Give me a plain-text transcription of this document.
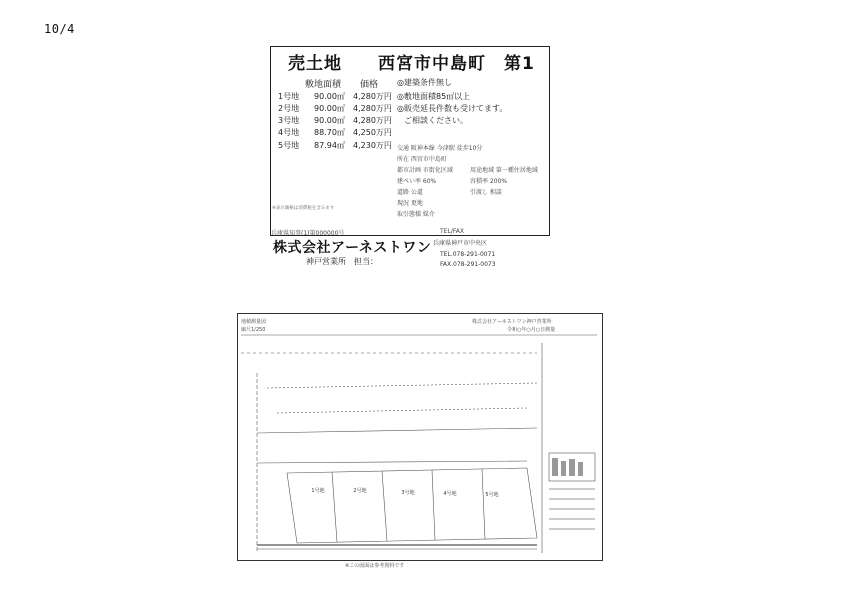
10/4
売土地 西宮市中島町　第1
敷地面積 価格
1号地 90.00㎡ 4,280万円
2号地 90.00㎡ 4,280万円
3号地 90.00㎡ 4,280万円
4号地 88.70㎡ 4,250万円
5号地 87.94㎡ 4,230万円
◎建築条件無し
◎敷地面積85㎡以上
◎販売延長件数も受けてます。
ご相談ください。
交通 阪神本線 今津駅 徒歩10分
所在 西宮市中島町
都市計画 市街化区域	用途地域 第一種住居地域
建ぺい率 60%	容積率 200%
道路 公道	引渡し 相談
現況 更地
取引態様 媒介
※表示価格は消費税を含みます
TEL/FAX
兵庫県知事(1)第000000号
株式会社アーネストワン
神戸営業所　担当：
兵庫県神戸市中央区
TEL.078-291-0071
FAX.078-291-0073
地積測量図
縮尺1/250
株式会社アーネストワン神戸営業所
令和○年○月○日測量
1号地	2号地	3号地	4号地	5号地
※この図面は参考資料です
